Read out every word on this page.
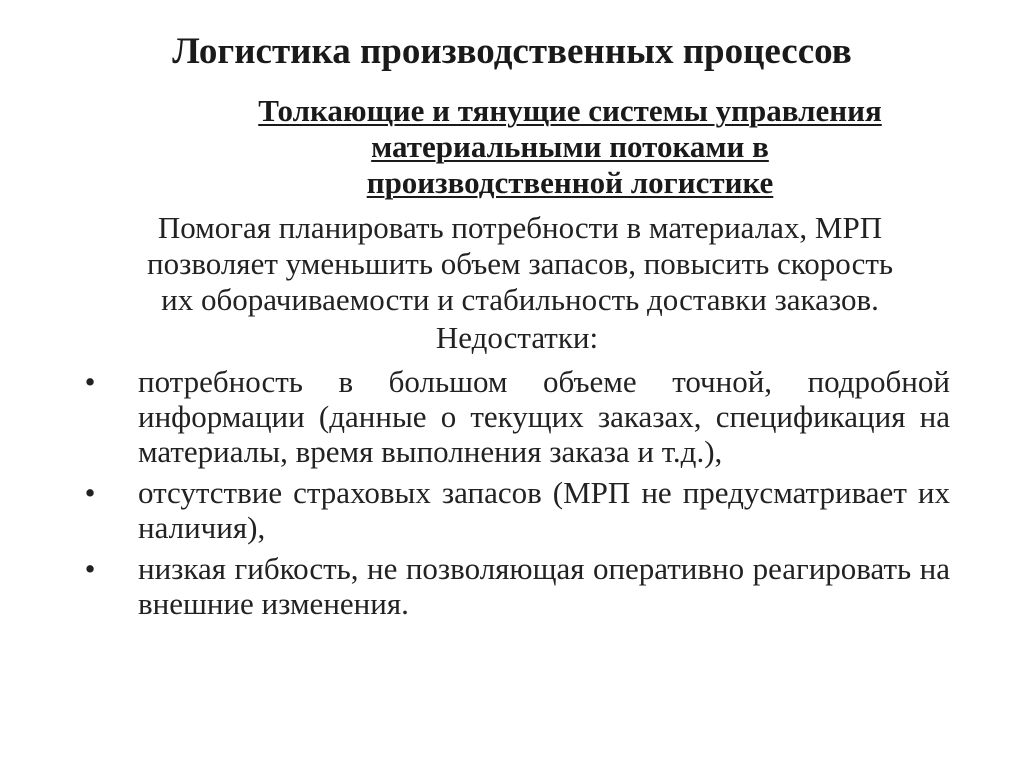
Логистика производственных процессов
Толкающие и тянущие системы управления
материальными потоками в
производственной логистике
Помогая планировать потребности в материалах, МРП
позволяет уменьшить объем запасов, повысить скорость
их оборачиваемости и стабильность доставки заказов.
Недостатки:
• потребность в большом объеме точной, подробной информации (данные о текущих заказах, спецификация на материалы, время выполнения заказа и т.д.),
• отсутствие страховых запасов (МРП не предусматривает их наличия),
• низкая гибкость, не позволяющая оперативно реагировать на внешние изменения.
